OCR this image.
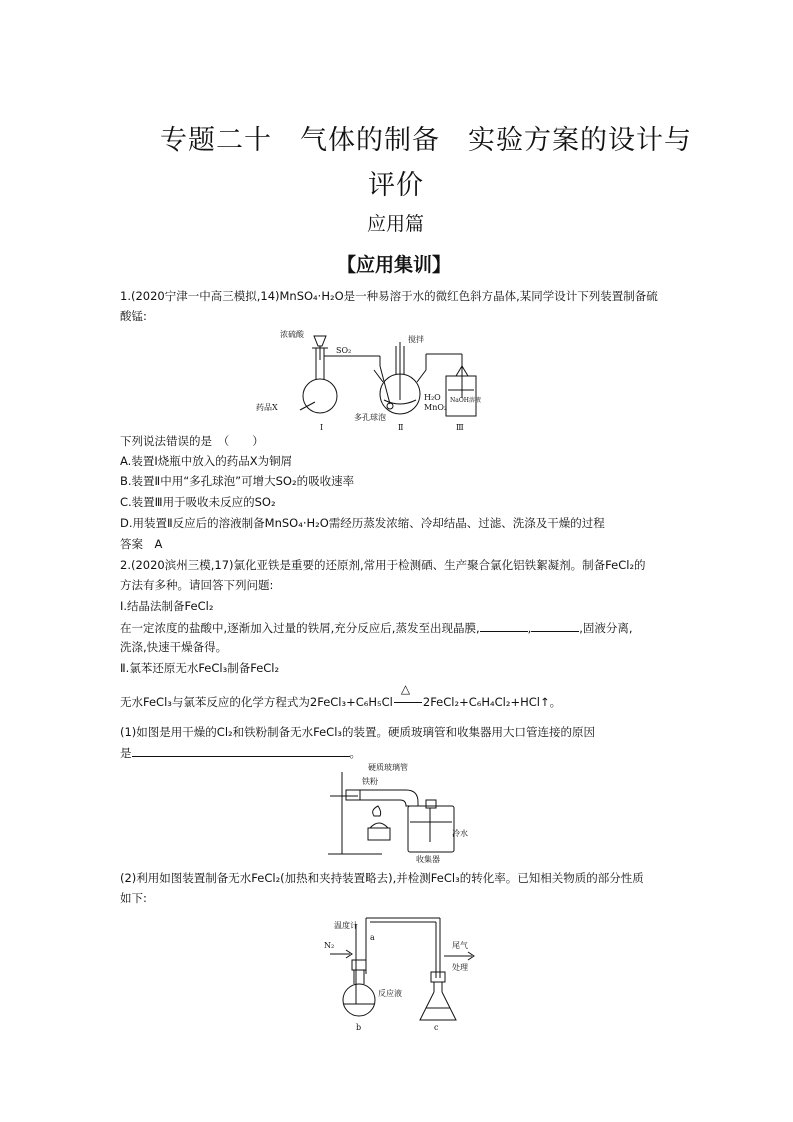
专题二十　气体的制备　实验方案的设计与
评价
应用篇
【应用集训】
1.(2020宁津一中高三模拟,14)MnSO₄·H₂O是一种易溶于水的微红色斜方晶体,某同学设计下列装置制备硫
酸锰:
浓硫酸
SO₂
搅拌
药品X
H₂O
MnO₂
多孔球泡
NaOH溶液
Ⅰ	Ⅱ	Ⅲ
下列说法错误的是　（　　）
A.装置Ⅰ烧瓶中放入的药品X为铜屑
B.装置Ⅱ中用“多孔球泡”可增大SO₂的吸收速率
C.装置Ⅲ用于吸收未反应的SO₂
D.用装置Ⅱ反应后的溶液制备MnSO₄·H₂O需经历蒸发浓缩、冷却结晶、过滤、洗涤及干燥的过程
答案　A
2.(2020滨州三模,17)氯化亚铁是重要的还原剂,常用于检测硒、生产聚合氯化铝铁絮凝剂。制备FeCl₂的
方法有多种。请回答下列问题:
Ⅰ.结晶法制备FeCl₂
在一定浓度的盐酸中,逐渐加入过量的铁屑,充分反应后,蒸发至出现晶膜,	,	,固液分离,
洗涤,快速干燥备得。
Ⅱ.氯苯还原无水FeCl₃制备FeCl₂
无水FeCl₃与氯苯反应的化学方程式为2FeCl₃+C₆H₅Cl
△
2FeCl₂+C₆H₄Cl₂+HCl↑。
(1)如图是用干燥的Cl₂和铁粉制备无水FeCl₃的装置。硬质玻璃管和收集器用大口管连接的原因
是	。
硬质玻璃管
铁粉
冷水
收集器
(2)利用如图装置制备无水FeCl₂(加热和夹持装置略去),并检测FeCl₃的转化率。已知相关物质的部分性质
如下:
温度计
N₂
a
反应液
b	c
尾气
处理
